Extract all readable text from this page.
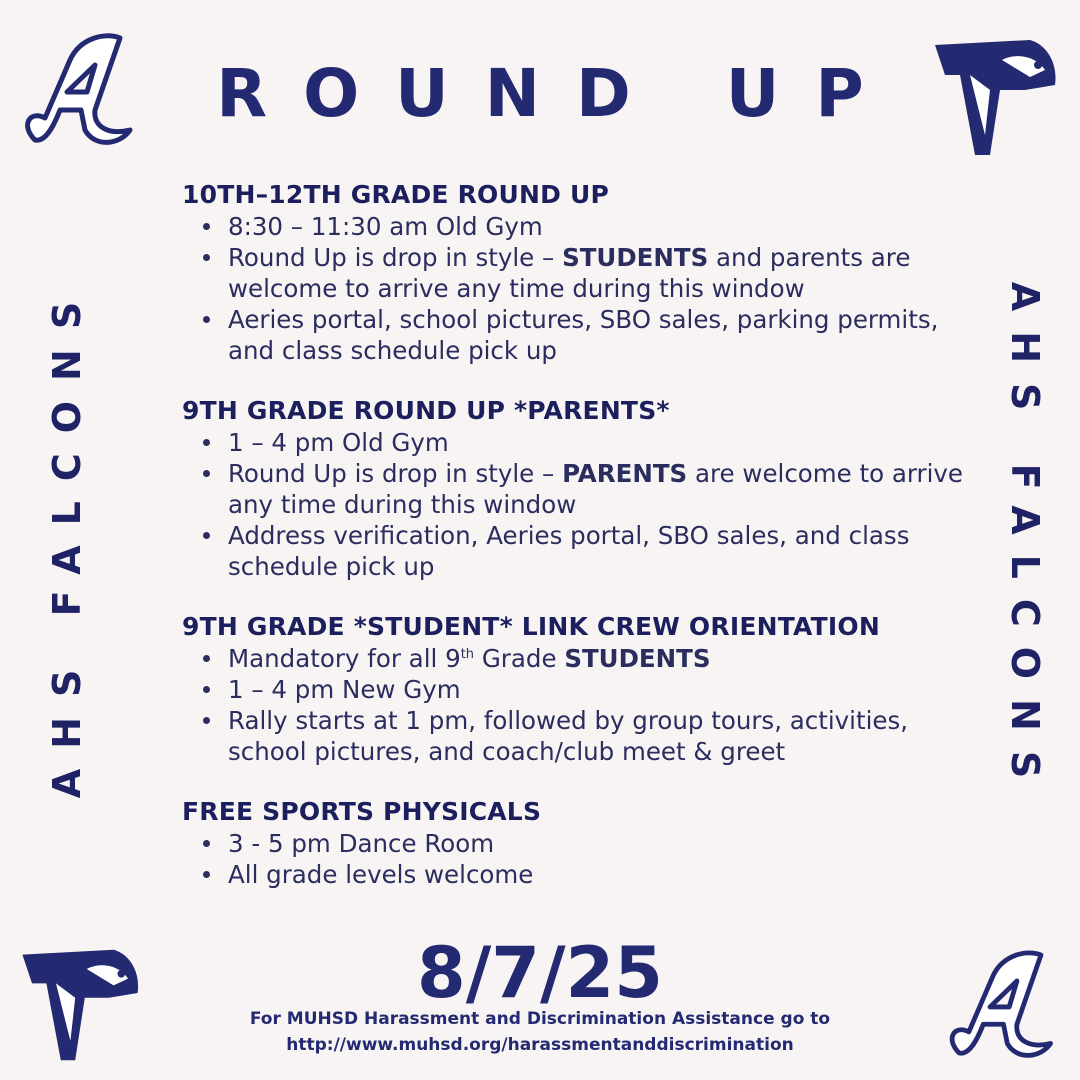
ROUND UP
AHS FALCONS	AHS FALCONS
10TH–12TH GRADE ROUND UP
8:30 – 11:30 am Old Gym
Round Up is drop in style – STUDENTS and parents are welcome to arrive any time during this window
Aeries portal, school pictures, SBO sales, parking permits, and class schedule pick up
9TH GRADE ROUND UP *PARENTS*
1 – 4 pm Old Gym
Round Up is drop in style – PARENTS are welcome to arrive any time during this window
Address verification, Aeries portal, SBO sales, and class schedule pick up
9TH GRADE *STUDENT* LINK CREW ORIENTATION
Mandatory for all 9th Grade STUDENTS
1 – 4 pm New Gym
Rally starts at 1 pm, followed by group tours, activities, school pictures, and coach/club meet & greet
FREE SPORTS PHYSICALS
3 - 5 pm Dance Room
All grade levels welcome
8/7/25
For MUHSD Harassment and Discrimination Assistance go to
http://www.muhsd.org/harassmentanddiscrimination
